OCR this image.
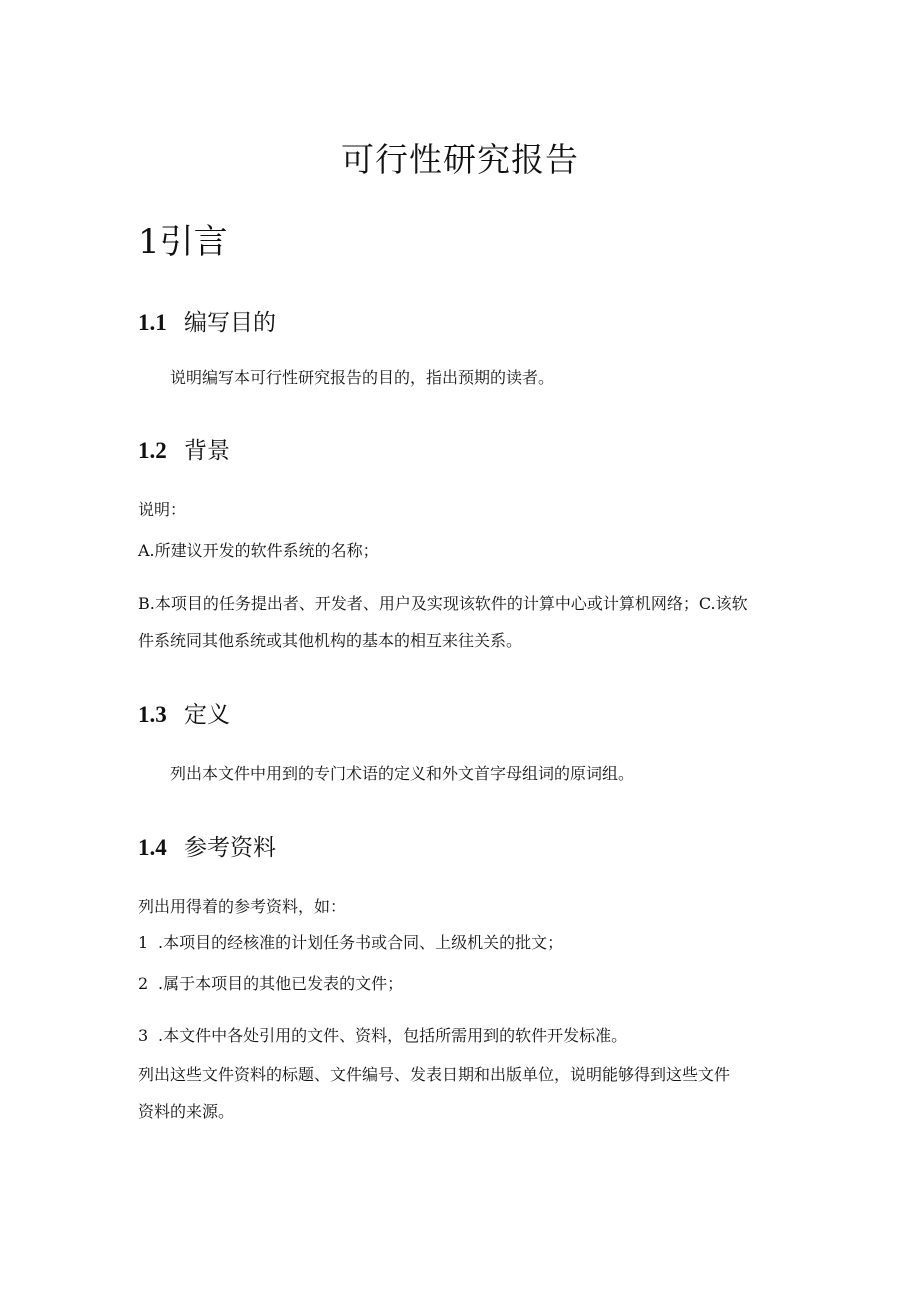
可行性研究报告
1引言
1.1 编写目的
说明编写本可行性研究报告的目的，指出预期的读者。
1.2 背景
说明：
A.所建议开发的软件系统的名称；
B.本项目的任务提出者、开发者、用户及实现该软件的计算中心或计算机网络；C.该软
件系统同其他系统或其他机构的基本的相互来往关系。
1.3 定义
列出本文件中用到的专门术语的定义和外文首字母组词的原词组。
1.4 参考资料
列出用得着的参考资料，如：
1 .本项目的经核准的计划任务书或合同、上级机关的批文；
2 .属于本项目的其他已发表的文件；
3 .本文件中各处引用的文件、资料，包括所需用到的软件开发标准。
列出这些文件资料的标题、文件编号、发表日期和出版单位，说明能够得到这些文件
资料的来源。
